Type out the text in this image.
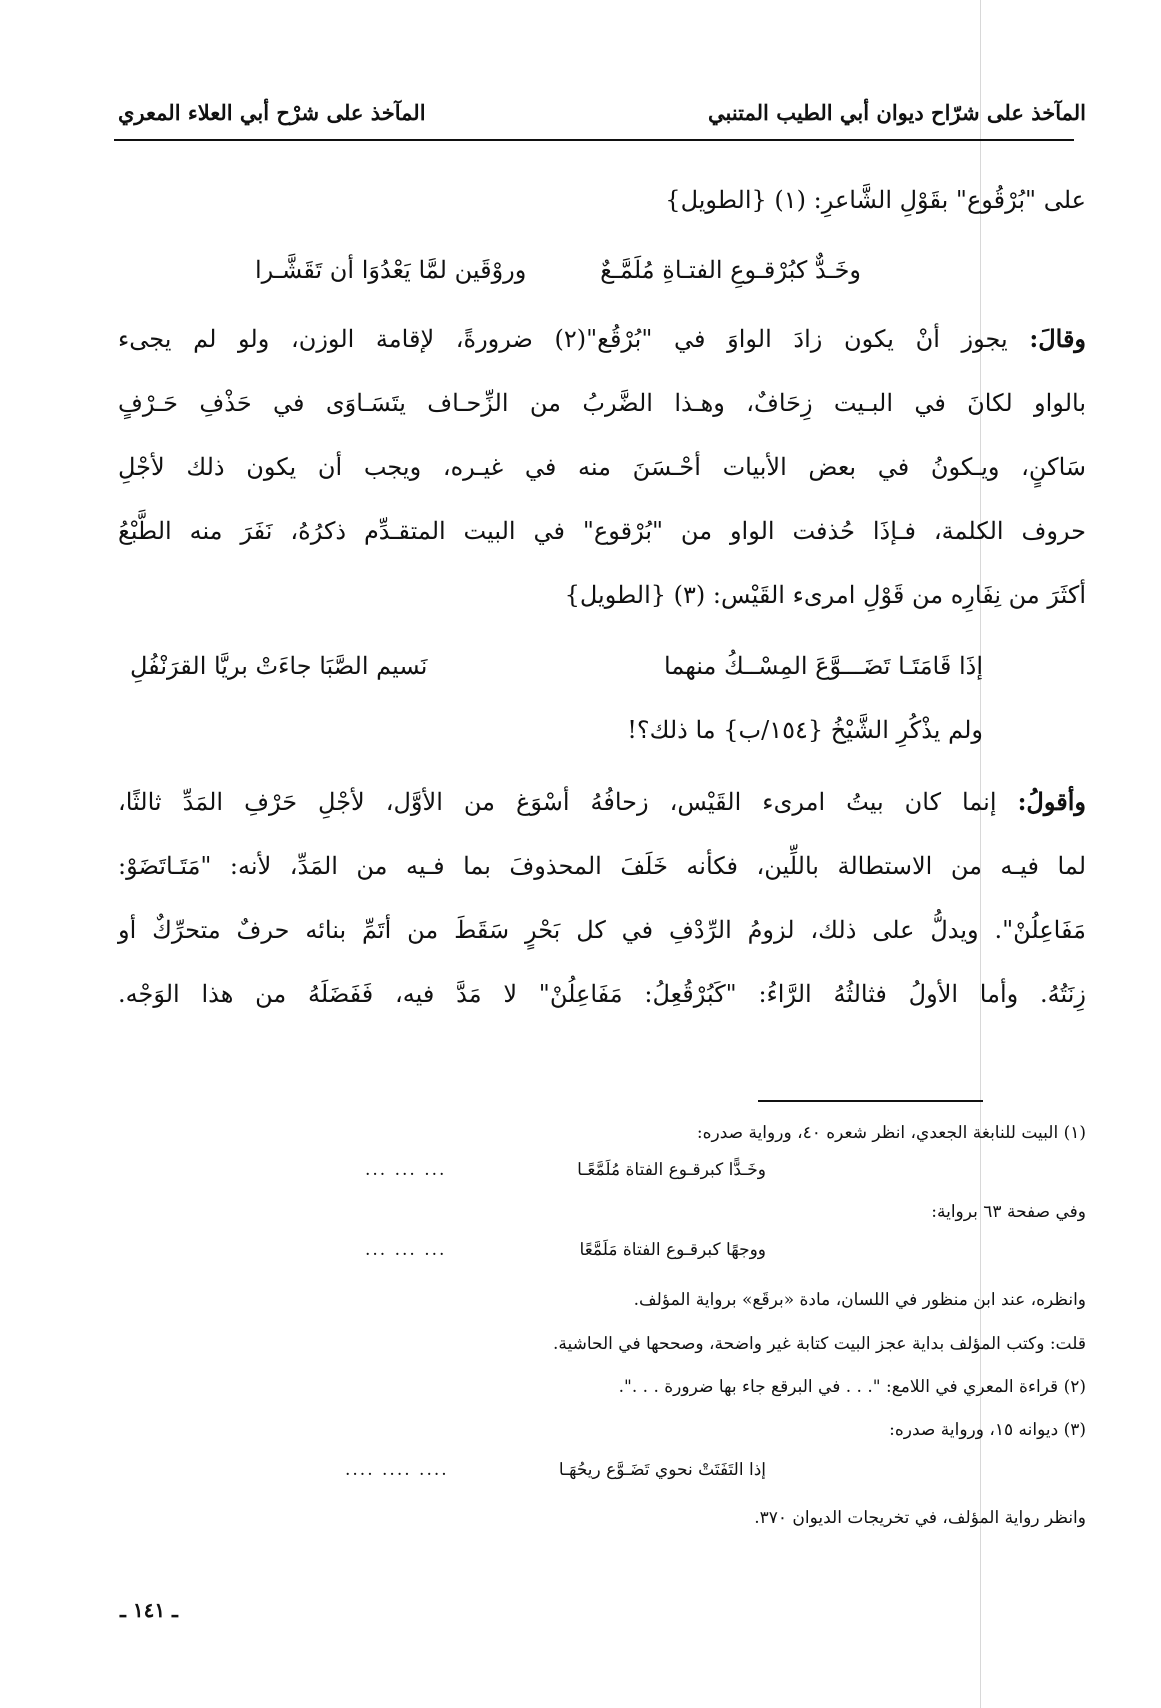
المآخذ على شرّاح ديوان أبي الطيب المتنبي
المآخذ على شرْح أبي العلاء المعري
على "بُرْقُوع" بقَوْلِ الشَّاعرِ: (١) {الطويل}
وخَـدٌّ كبُرْقـوعِ الفتـاةِ مُلَمَّـعٌ
وروْقَين لمَّا يَعْدُوَا أن تَقَشَّـرا
وقالَ: يجوز أنْ يكون زادَ الواوَ في "بُرْقُع"(٢) ضرورةً، لإقامة الوزن، ولو لم يجىء
بالواو لكانَ في البـيت زِحَافٌ، وهـذا الضَّربُ من الزِّحـاف يتَسَـاوَى في حَذْفِ حَـرْفٍ
سَاكنٍ، ويـكونُ في بعض الأبيات أحْـسَنَ منه في غيـره، ويجب أن يكون ذلك لأجْلِ
حروف الكلمة، فـإذَا حُذفت الواو من "بُرْقوع" في البيت المتقـدِّم ذكرُهُ، نَفَرَ منه الطَّبْعُ
أكثَرَ من نِفَارِه من قَوْلِ امرىء القَيْس: (٣) {الطويل}
إذَا قَامَتَـا تَضَـــوَّعَ المِسْــكُ منهما
نَسيم الصَّبَا جاءَتْ بريَّا القرَنْفُلِ
ولم يذْكُرِ الشَّيْخُ {١٥٤/ب} ما ذلك؟!
وأقولُ: إنما كان بيتُ امرىء القَيْس، زحافُهُ أسْوَغ من الأوَّل، لأجْلِ حَرْفِ المَدِّ ثالثًا،
لما فيـه من الاستطالة باللِّين، فكأنه خَلَفَ المحذوفَ بما فـيه من المَدِّ، لأنه: "مَتَـاتَضَوْ:
مَفَاعِلُنْ". ويدلُّ على ذلك، لزومُ الرِّدْفِ في كل بَحْرٍ سَقَطَ من أتَمِّ بنائه حرفٌ متحرِّكٌ أو
زِنَتُهُ. وأما الأولُ فثالثُهُ الرَّاءُ: "كَبُرْقُعِلُ: مَفَاعِلُنْ" لا مَدَّ فيه، فَفَضَلَهُ من هذا الوَجْه.
(١) البيت للنابغة الجعدي، انظر شعره ٤٠، ورواية صدره:
وخَـدًّا كبرقـوع الفتاة مُلَمَّعًـا
... ... ...
وفي صفحة ٦٣ برواية:
ووجهًا كبرقـوع الفتاة مَلَمَّعًا
... ... ...
وانظره، عند ابن منظور في اللسان، مادة «برقَع» برواية المؤلف.
قلت: وكتب المؤلف بداية عجز البيت كتابة غير واضحة، وصححها في الحاشية.
(٢) قراءة المعري في اللامع: ". . . في البرقع جاء بها ضرورة . . .".
(٣) ديوانه ١٥، ورواية صدره:
إذا التَفَتَتْ نحوي تَضَـوَّع ريحُهَـا
.... .... ....
وانظر رواية المؤلف، في تخريجات الديوان ٣٧٠.
ـ ١٤١ ـ
